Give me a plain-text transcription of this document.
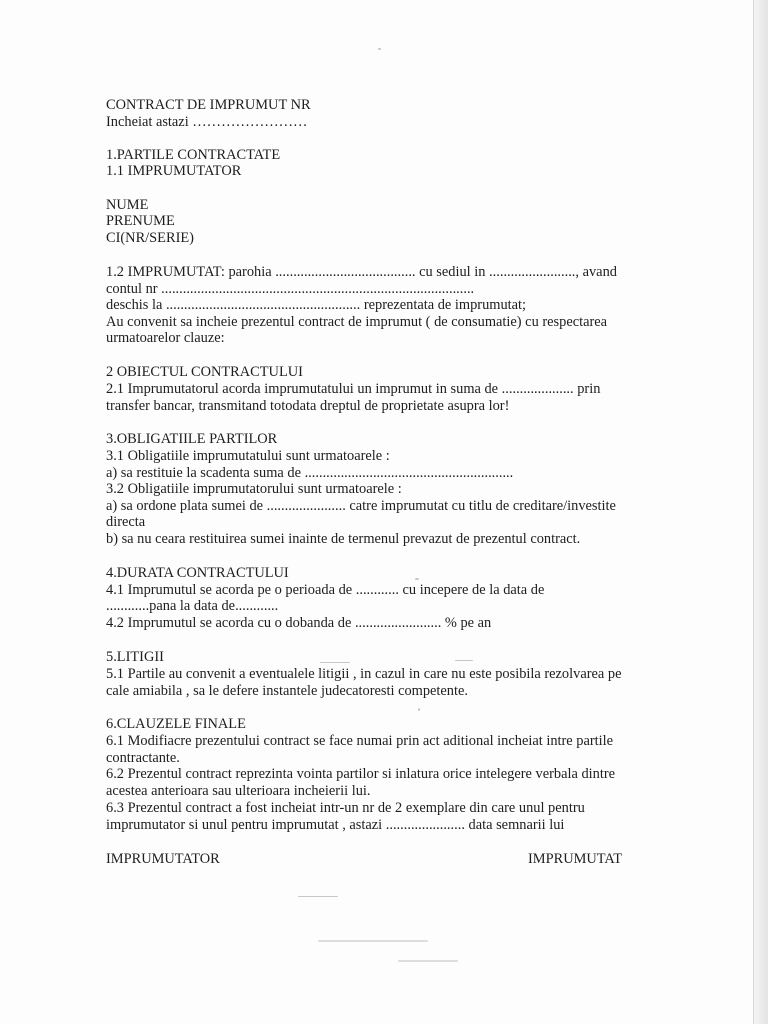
CONTRACT DE IMPRUMUT NR
Incheiat astazi ……………………
1.PARTILE CONTRACTATE
1.1 IMPRUMUTATOR
NUME
PRENUME
CI(NR/SERIE)
1.2 IMPRUMUTAT: parohia ....................................... cu sediul in ........................, avand
contul nr .......................................................................................
deschis la ...................................................... reprezentata de imprumutat;
Au convenit sa incheie prezentul contract de imprumut ( de consumatie) cu respectarea
urmatoarelor clauze:
2 OBIECTUL CONTRACTULUI
2.1 Imprumutatorul acorda imprumutatului un imprumut in suma de .................... prin
transfer bancar, transmitand totodata dreptul de proprietate asupra lor!
3.OBLIGATIILE PARTILOR
3.1 Obligatiile imprumutatului sunt urmatoarele :
a) sa restituie la scadenta suma de ..........................................................
3.2 Obligatiile imprumutatorului sunt urmatoarele :
a) sa ordone plata sumei de ...................... catre imprumutat cu titlu de creditare/investite
directa
b) sa nu ceara restituirea sumei inainte de termenul prevazut de prezentul contract.
4.DURATA CONTRACTULUI
4.1 Imprumutul se acorda pe o perioada de ............ cu incepere de la data de
............pana la data de............
4.2 Imprumutul se acorda cu o dobanda de ........................ % pe an
5.LITIGII
5.1 Partile au convenit a eventualele litigii , in cazul in care nu este posibila rezolvarea pe
cale amiabila , sa le defere instantele judecatoresti competente.
6.CLAUZELE FINALE
6.1 Modifiacre prezentului contract se face numai prin act aditional incheiat intre partile
contractante.
6.2 Prezentul contract reprezinta vointa partilor si inlatura orice intelegere verbala dintre
acestea anterioara sau ulterioara incheierii lui.
6.3 Prezentul contract a fost incheiat intr-un nr de 2 exemplare din care unul pentru
imprumutator si unul pentru imprumutat , astazi ...................... data semnarii lui
IMPRUMUTATOR	IMPRUMUTAT
